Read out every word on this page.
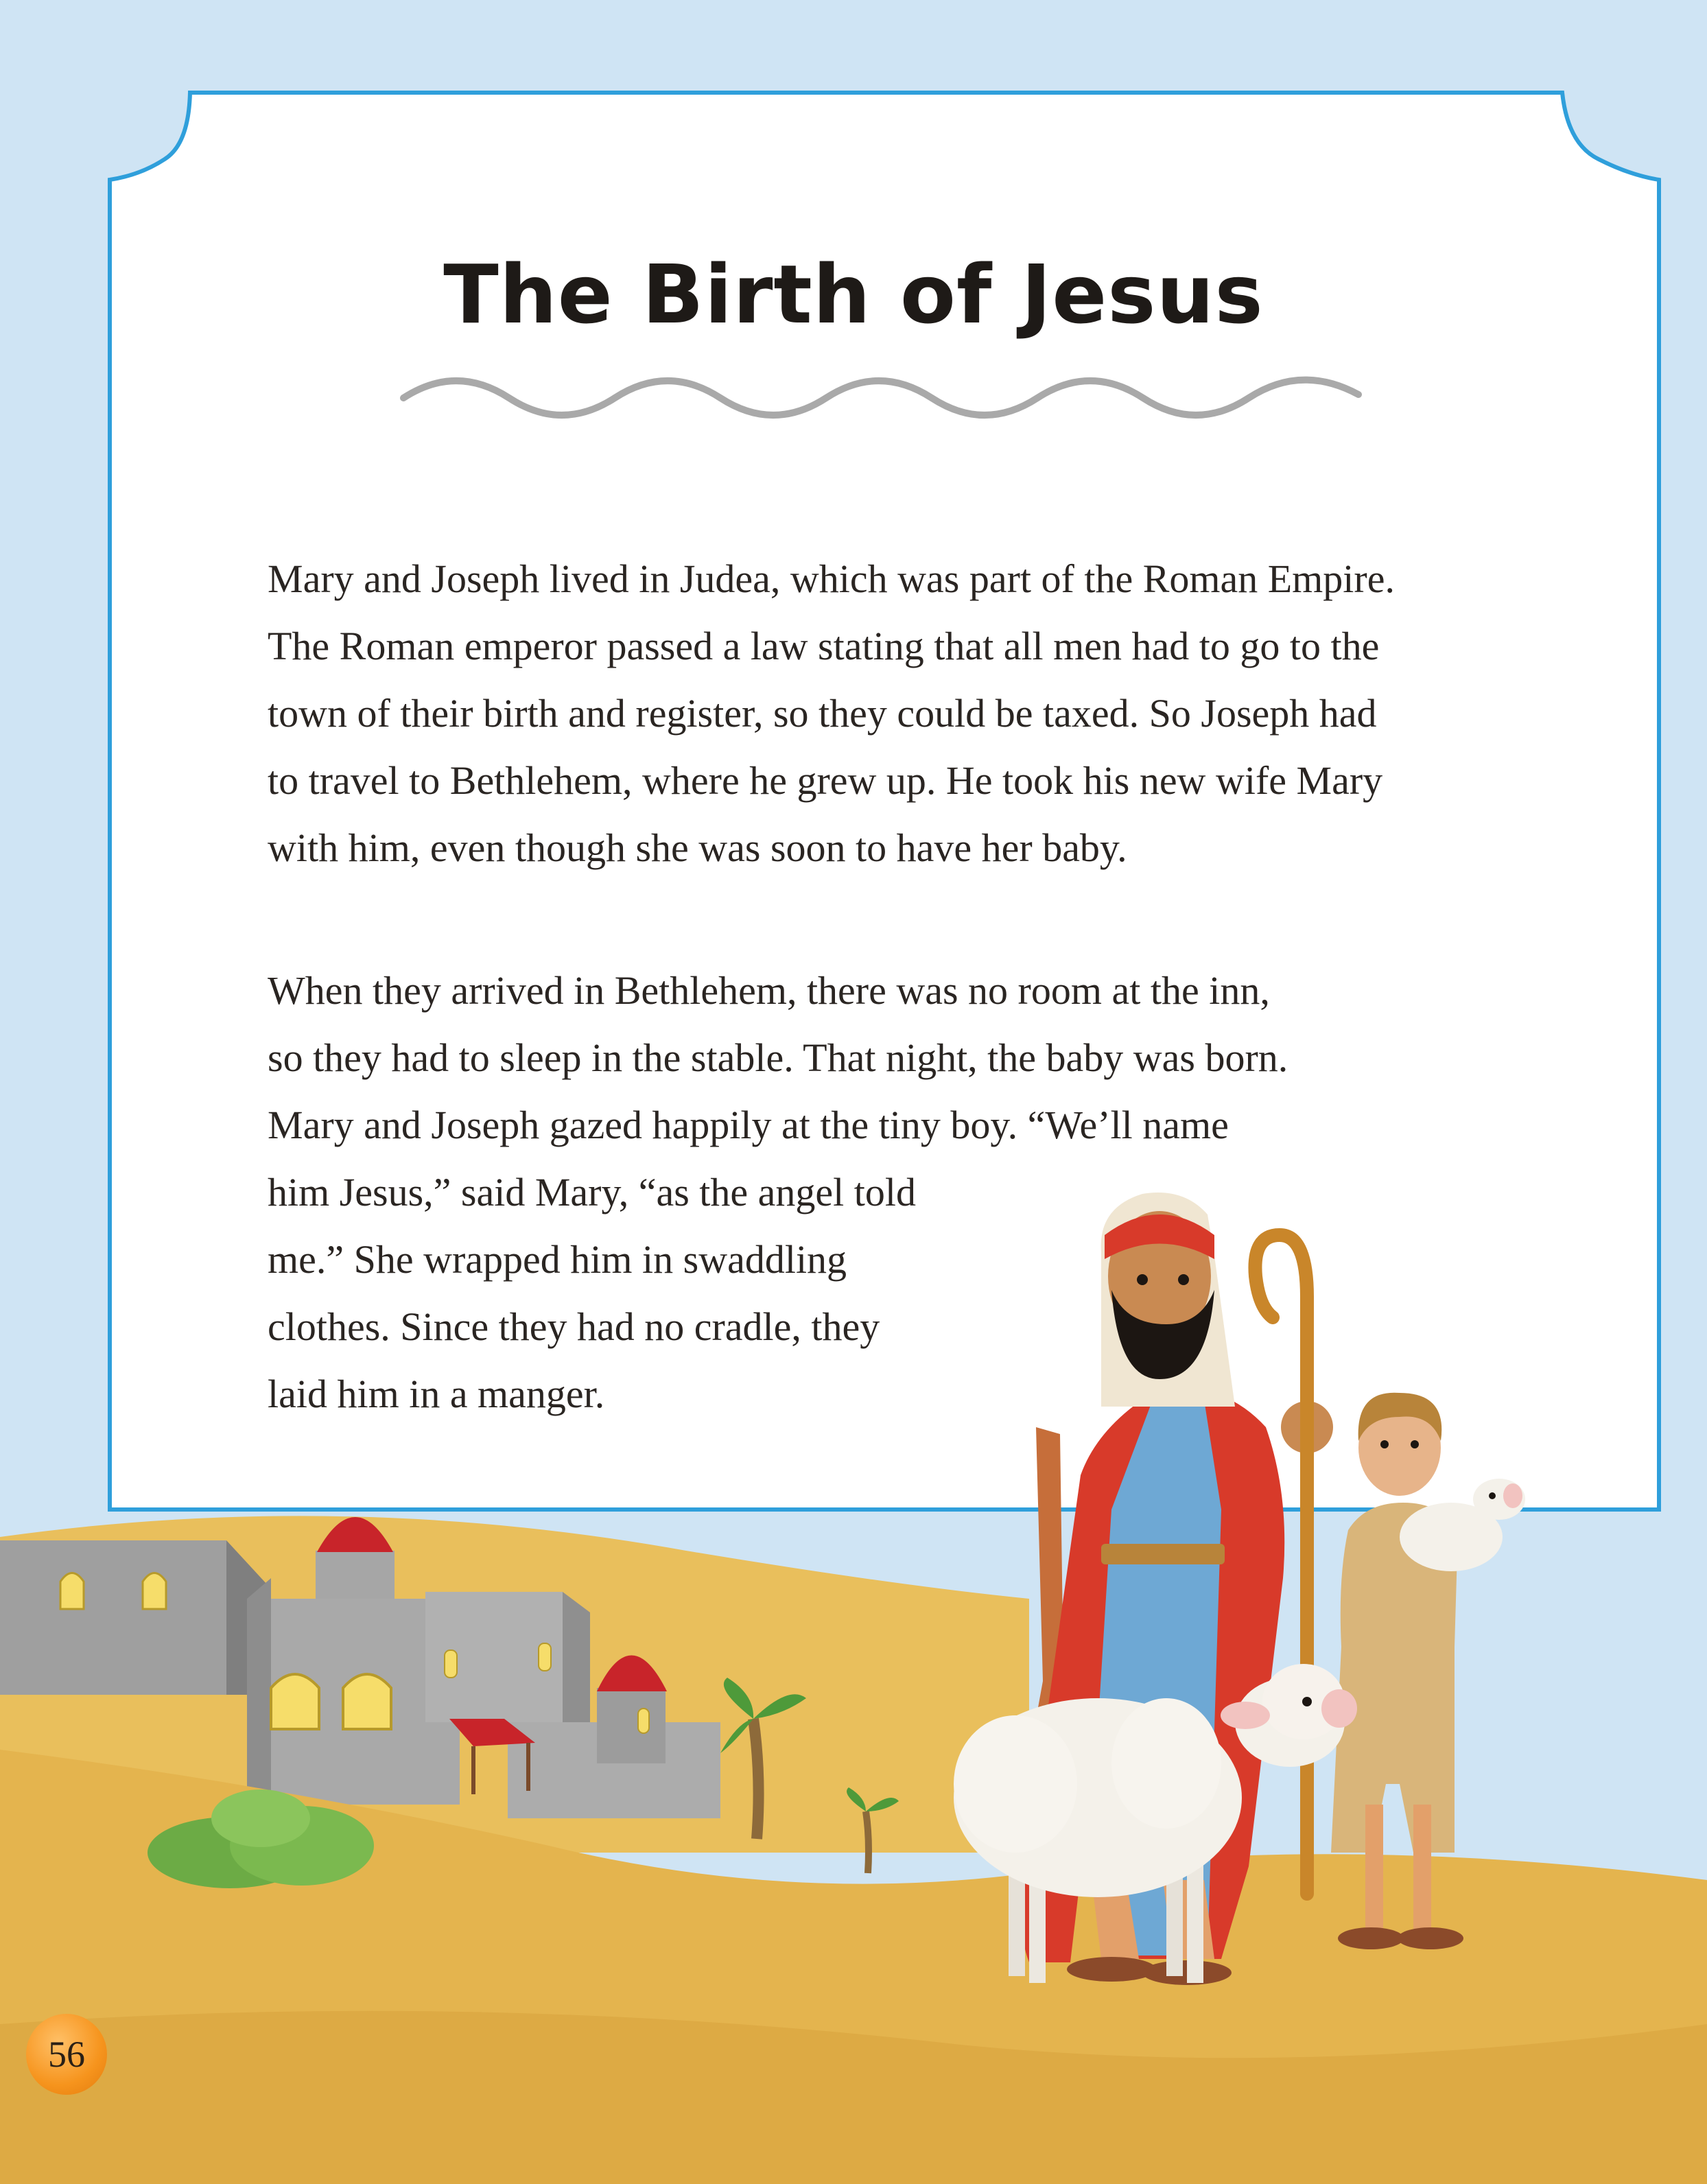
The Birth of Jesus

Mary and Joseph lived in Judea, which was part of the Roman Empire.
The Roman emperor passed a law stating that all men had to go to the
town of their birth and register, so they could be taxed. So Joseph had
to travel to Bethlehem, where he grew up. He took his new wife Mary
with him, even though she was soon to have her baby.

When they arrived in Bethlehem, there was no room at the inn,
so they had to sleep in the stable. That night, the baby was born.
Mary and Joseph gazed happily at the tiny boy. “We’ll name
him Jesus,” said Mary, “as the angel told
me.” She wrapped him in swaddling
clothes. Since they had no cradle, they
laid him in a manger.

56
